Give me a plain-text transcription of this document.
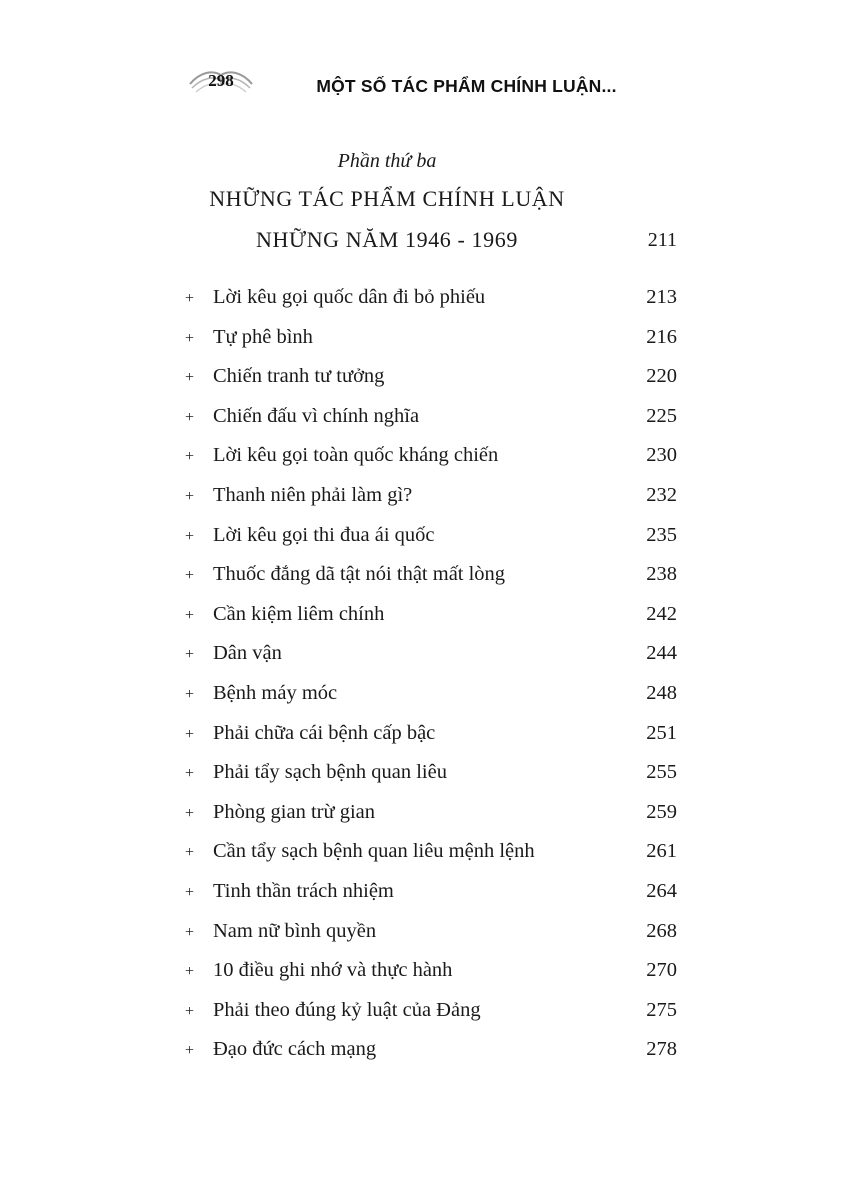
298	MỘT SỐ TÁC PHẨM CHÍNH LUẬN...
Phần thứ ba
NHỮNG TÁC PHẨM CHÍNH LUẬN
NHỮNG NĂM 1946 - 1969	211
+ Lời kêu gọi quốc dân đi bỏ phiếu	213
+ Tự phê bình	216
+ Chiến tranh tư tưởng	220
+ Chiến đấu vì chính nghĩa	225
+ Lời kêu gọi toàn quốc kháng chiến	230
+ Thanh niên phải làm gì?	232
+ Lời kêu gọi thi đua ái quốc	235
+ Thuốc đắng dã tật nói thật mất lòng	238
+ Cần kiệm liêm chính	242
+ Dân vận	244
+ Bệnh máy móc	248
+ Phải chữa cái bệnh cấp bậc	251
+ Phải tẩy sạch bệnh quan liêu	255
+ Phòng gian trừ gian	259
+ Cần tẩy sạch bệnh quan liêu mệnh lệnh	261
+ Tinh thần trách nhiệm	264
+ Nam nữ bình quyền	268
+ 10 điều ghi nhớ và thực hành	270
+ Phải theo đúng kỷ luật của Đảng	275
+ Đạo đức cách mạng	278
